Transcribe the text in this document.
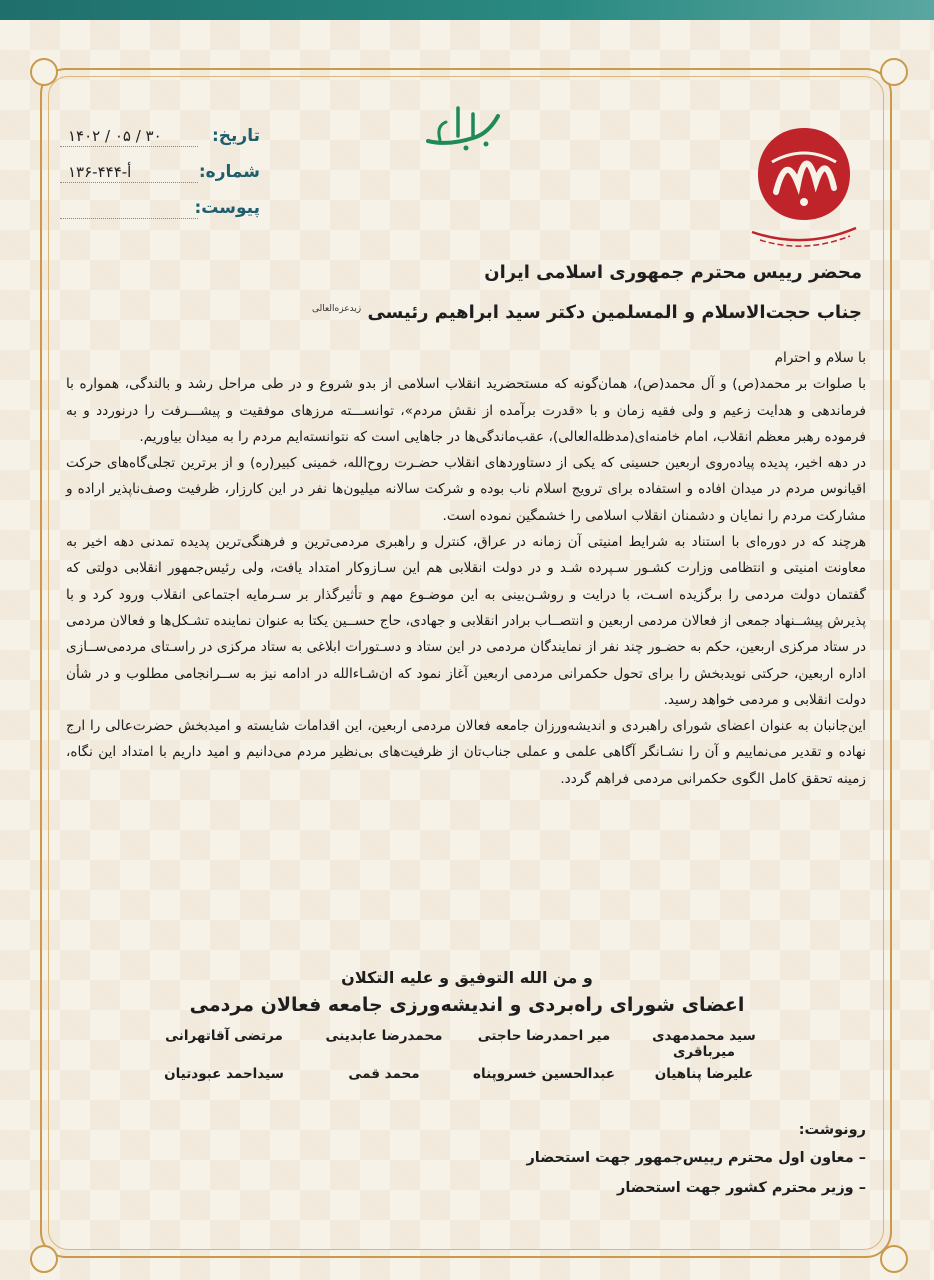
تاریخ:
۱۴۰۲ / ۰۵ / ۳۰
شماره:
۱۳۶-۴۴۴-أ
پیوست:
محضر رییس محترم جمهوری اسلامی ایران
جناب حجت‌الاسلام و المسلمین دکتر سید ابراهیم رئیسی $^{زیدعزه‌العالی}$

با سلام و احترام

با صلوات بر محمد(ص) و آل محمد(ص)، همان‌گونه که مستحضرید انقلاب اسلامی از بدو شروع و در طی مراحل رشد و بالندگی، همواره با فرماندهی و هدایت زعیم و ولی فقیه زمان و با «قدرت برآمده از نقش مردم»، توانســـته مرزهای موفقیت و پیشـــرفت را درنوردد و به فرموده رهبر معظم انقلاب، امام خامنه‌ای(مدظله‌العالی)، عقب‌ماندگی‌ها در جاهایی است که نتوانسته‌ایم مردم را به میدان بیاوریم.

در دهه اخیر، پدیده پیاده‌روی اربعین حسینی که یکی از دستاوردهای انقلاب حضـرت روح‌الله، خمینی کبیر(ره) و از برترین تجلی‌گاه‌های حرکت اقیانوس مردم در میدان افاده و استفاده برای ترویج اسلام ناب بوده و شرکت سالانه میلیون‌ها نفر در این کارزار، ظرفیت وصف‌ناپذیر اراده و مشارکت مردم را نمایان و دشمنان انقلاب اسلامی را خشمگین نموده است.

هرچند که در دوره‌ای با استناد به شرایط امنیتی آن زمانه در عراق، کنترل و راهبری مردمی‌ترین و فرهنگی‌ترین پدیده تمدنی دهه اخیر به معاونت امنیتی و انتظامی وزارت کشـور سـپرده شـد و در دولت انقلابی هم این سـازوکار امتداد یافت، ولی رئیس‌جمهور انقلابی دولتی که گفتمان دولت مردمی را برگزیده اسـت، با درایت و روشـن‌بینی به این موضـوع مهم و تأثیرگذار بر سـرمایه اجتماعی انقلاب ورود کرد و با پذیرش پیشــنهاد جمعی از فعالان مردمی اربعین و انتصــاب برادر انقلابی و جهادی، حاج حســین یکتا به عنوان نماینده تشـکل‌ها و فعالان مردمی در ستاد مرکزی اربعین، حکم به حضـور چند نفر از نمایندگان مردمی در این ستاد و دسـتورات ابلاغی به ستاد مرکزی در راسـتای مردمی‌ســازی اداره اربعین، حرکتی نویدبخش را برای تحول حکمرانی مردمی اربعین آغاز نمود که ان‌شـاءالله در ادامه نیز به ســرانجامی مطلوب و در شأن دولت انقلابی و مردمی خواهد رسید.

این‌جانبان به عنوان اعضای شورای راهبردی و اندیشه‌ورزان جامعه فعالان مردمی اربعین، این اقدامات شایسته و امیدبخش حضرت‌عالی را ارج نهاده و تقدیر می‌نماییم و آن را نشـانگر آگاهی علمی و عملی جناب‌تان از ظرفیت‌های بی‌نظیر مردم می‌دانیم و امید داریم با امتداد این نگاه، زمینه تحقق کامل الگوی حکمرانی مردمی فراهم گردد.

و من الله التوفیق و علیه التکلان
اعضای شورای راه‌بردی و اندیشه‌ورزی جامعه فعالان مردمی
سید محمدمهدی میرباقری
میر احمدرضا حاجتی
محمدرضا عابدینی
مرتضی آقاتهرانی
علیرضا پناهیان
عبدالحسین خسروپناه
محمد قمی
سیداحمد عبودتیان
رونوشت:
– معاون اول محترم رییس‌جمهور جهت استحضار
– وزیر محترم کشور جهت استحضار
